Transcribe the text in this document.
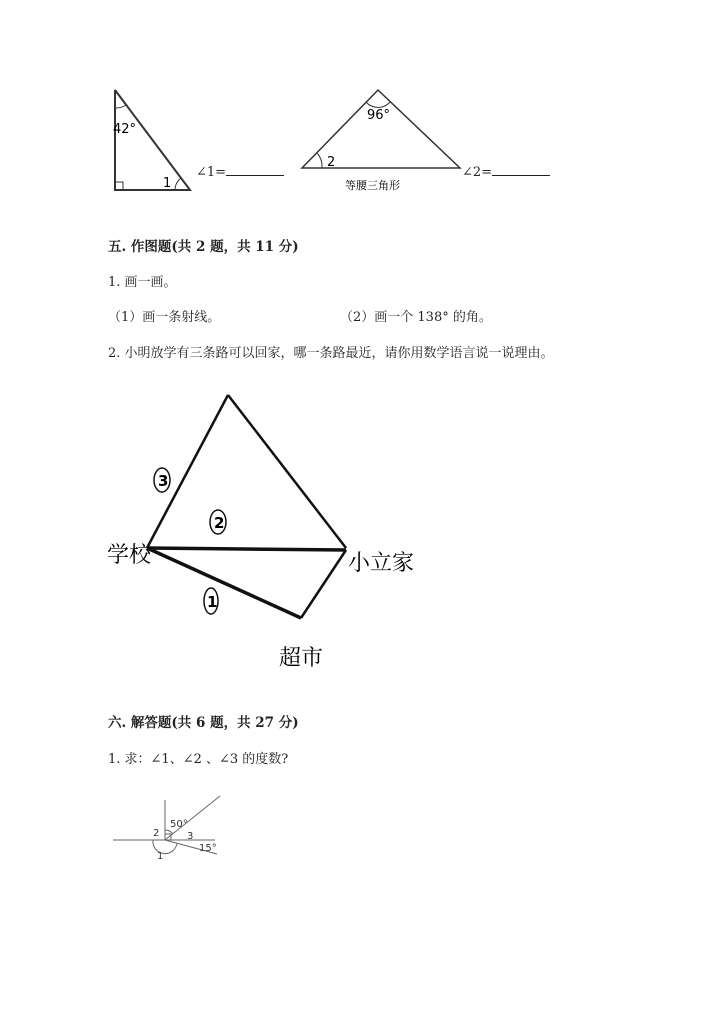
42°
1
96°
2
等腰三角形
∠1=	∠2=
五. 作图题(共 2 题，共 11 分)
1. 画一画。
（1）画一条射线。	（2）画一个 138° 的角。
2. 小明放学有三条路可以回家，哪一条路最近，请你用数学语言说一说理由。
3
2
1
学校	小立家
超市
六. 解答题(共 6 题，共 27 分)
1. 求：∠1、∠2 、∠3 的度数?
50°
2	3
15°
1
